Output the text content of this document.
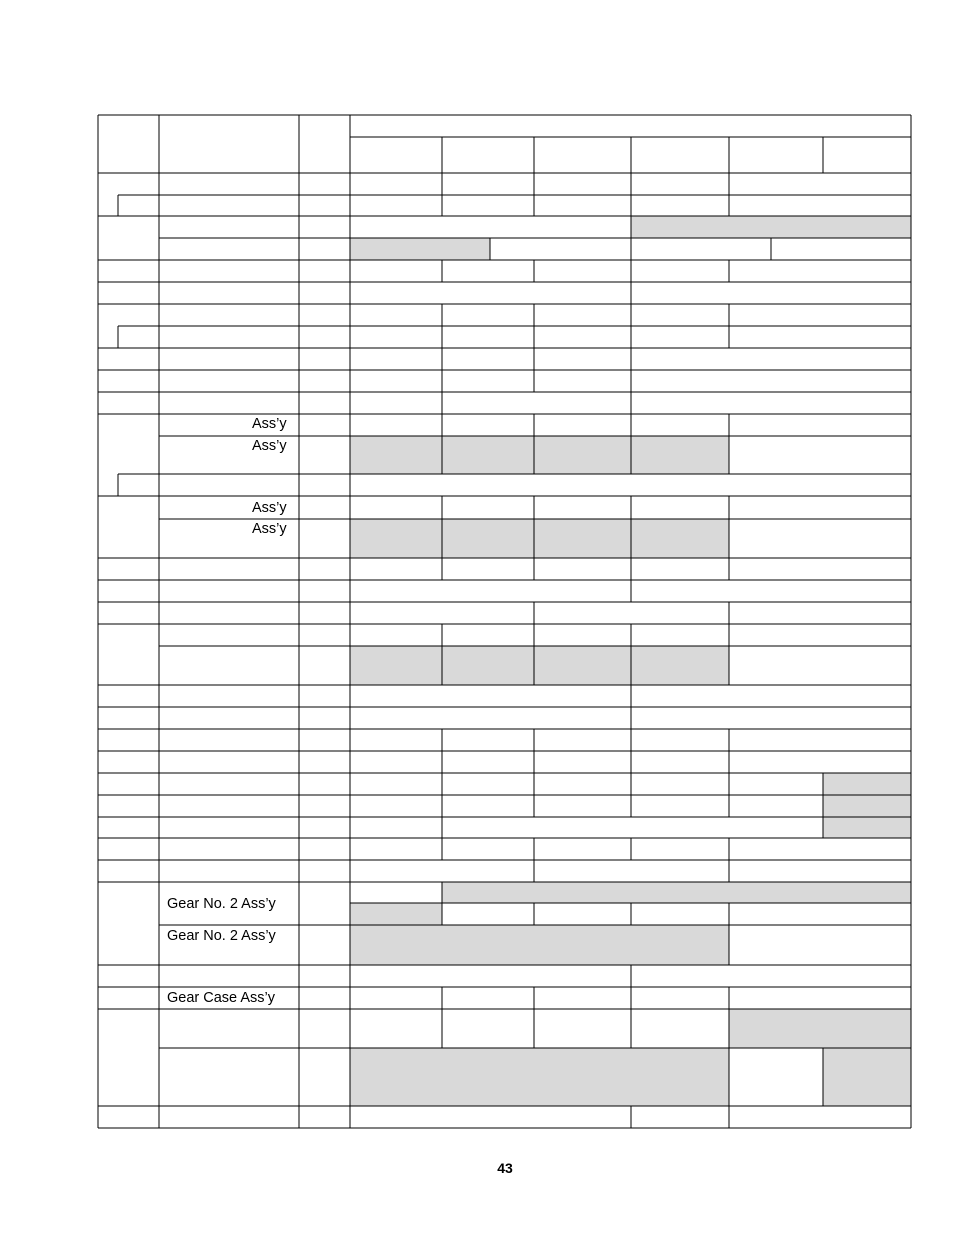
Ass’y
Ass’y
Ass’y
Ass’y
Gear No. 2 Ass’y
Gear No. 2 Ass’y
Gear Case Ass’y
43
